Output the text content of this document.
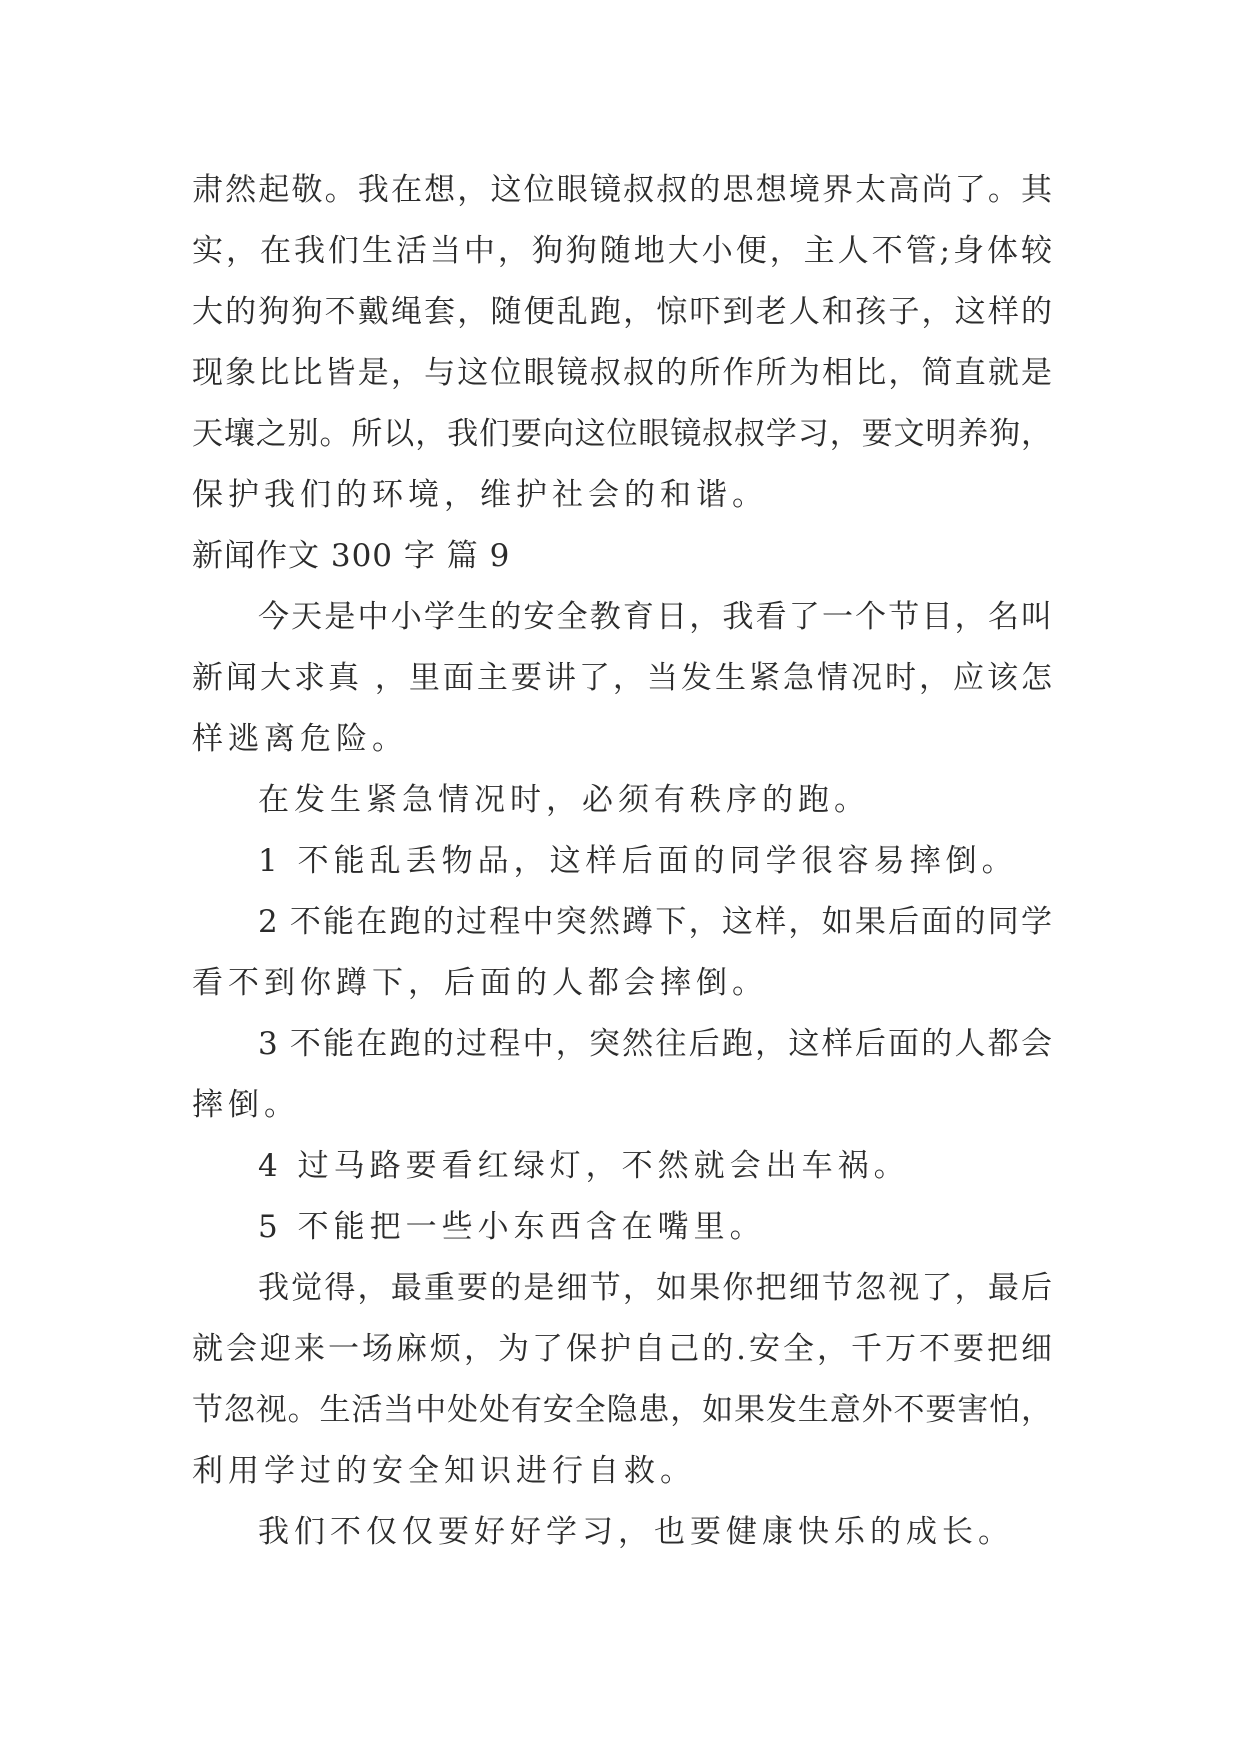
肃然起敬。我在想，这位眼镜叔叔的思想境界太高尚了。其
实，在我们生活当中，狗狗随地大小便，主人不管;身体较
大的狗狗不戴绳套，随便乱跑，惊吓到老人和孩子，这样的
现象比比皆是，与这位眼镜叔叔的所作所为相比，简直就是
天壤之别。所以，我们要向这位眼镜叔叔学习，要文明养狗，
保护我们的环境，维护社会的和谐。
新闻作文 300 字 篇 9
今天是中小学生的安全教育日，我看了一个节目，名叫
新闻大求真 ，里面主要讲了，当发生紧急情况时，应该怎
样逃离危险。
在发生紧急情况时，必须有秩序的跑。
1 不能乱丢物品，这样后面的同学很容易摔倒。
2 不能在跑的过程中突然蹲下，这样，如果后面的同学
看不到你蹲下，后面的人都会摔倒。
3 不能在跑的过程中，突然往后跑，这样后面的人都会
摔倒。
4 过马路要看红绿灯，不然就会出车祸。
5 不能把一些小东西含在嘴里。
我觉得，最重要的是细节，如果你把细节忽视了，最后
就会迎来一场麻烦，为了保护自己的.安全，千万不要把细
节忽视。生活当中处处有安全隐患，如果发生意外不要害怕，
利用学过的安全知识进行自救。
我们不仅仅要好好学习，也要健康快乐的成长。
